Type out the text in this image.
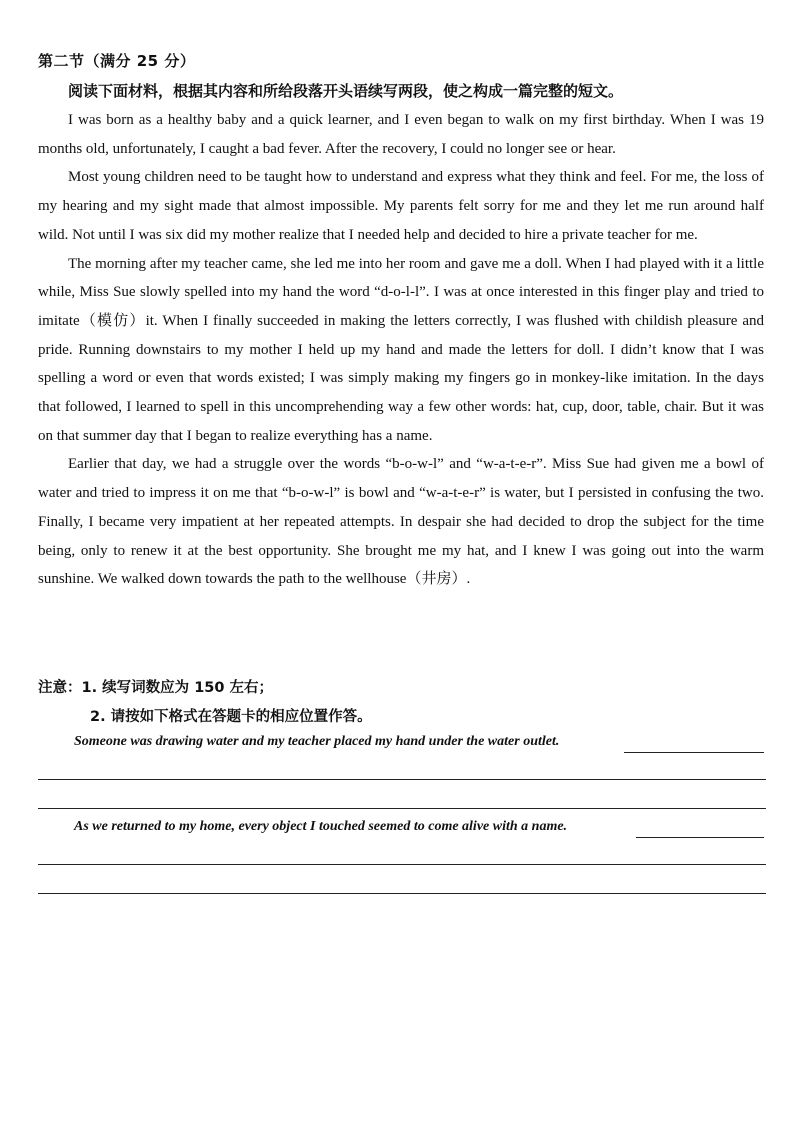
第二节（满分 25 分）
阅读下面材料，根据其内容和所给段落开头语续写两段，使之构成一篇完整的短文。

I was born as a healthy baby and a quick learner, and I even began to walk on my first birthday. When I was 19 months old, unfortunately, I caught a bad fever. After the recovery, I could no longer see or hear.

Most young children need to be taught how to understand and express what they think and feel. For me, the loss of my hearing and my sight made that almost impossible. My parents felt sorry for me and they let me run around half wild. Not until I was six did my mother realize that I needed help and decided to hire a private teacher for me.

The morning after my teacher came, she led me into her room and gave me a doll. When I had played with it a little while, Miss Sue slowly spelled into my hand the word “d-o-l-l”. I was at once interested in this finger play and tried to imitate（模仿）it. When I finally succeeded in making the letters correctly, I was flushed with childish pleasure and pride. Running downstairs to my mother I held up my hand and made the letters for doll. I didn’t know that I was spelling a word or even that words existed; I was simply making my fingers go in monkey-like imitation. In the days that followed, I learned to spell in this uncomprehending way a few other words: hat, cup, door, table, chair. But it was on that summer day that I began to realize everything has a name.

Earlier that day, we had a struggle over the words “b-o-w-l” and “w-a-t-e-r”. Miss Sue had given me a bowl of water and tried to impress it on me that “b-o-w-l” is bowl and “w-a-t-e-r” is water, but I persisted in confusing the two. Finally, I became very impatient at her repeated attempts. In despair she had decided to drop the subject for the time being, only to renew it at the best opportunity. She brought me my hat, and I knew I was going out into the warm sunshine. We walked down towards the path to the wellhouse（井房）.

注意：1. 续写词数应为 150 左右；
2. 请按如下格式在答题卡的相应位置作答。
Someone was drawing water and my teacher placed my hand under the water outlet.
As we returned to my home, every object I touched seemed to come alive with a name.
